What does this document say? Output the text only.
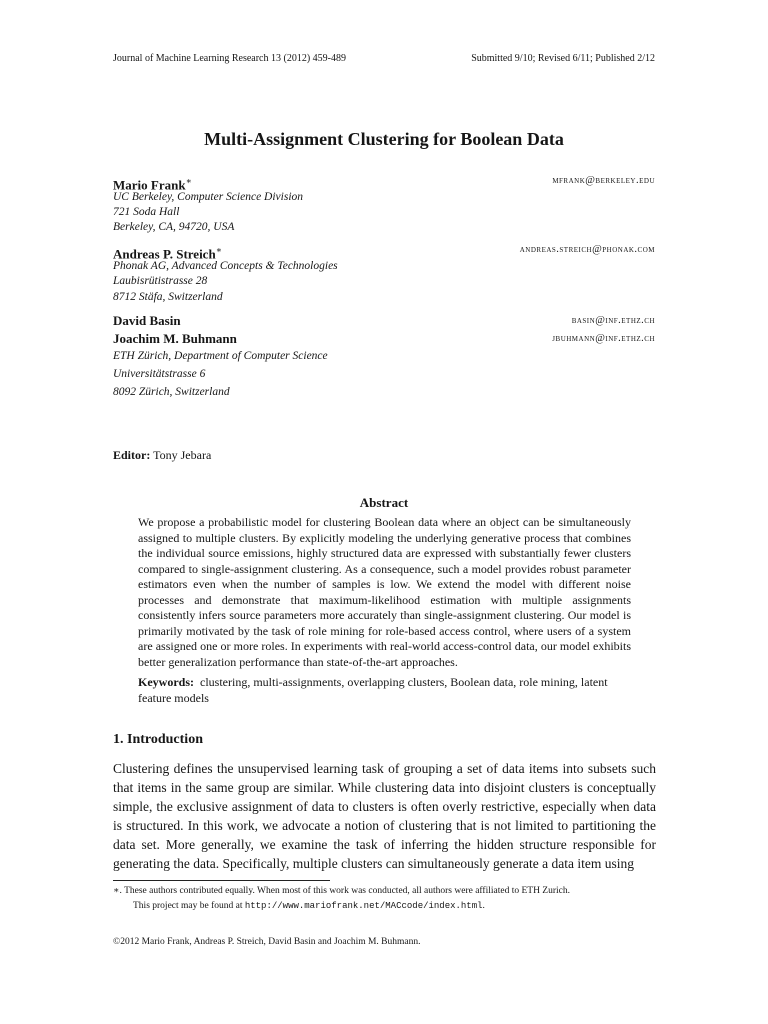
Journal of Machine Learning Research 13 (2012) 459-489	Submitted 9/10; Revised 6/11; Published 2/12
Multi-Assignment Clustering for Boolean Data
Mario Frank∗	mfrank@berkeley.edu
UC Berkeley, Computer Science Division
721 Soda Hall
Berkeley, CA, 94720, USA
Andreas P. Streich∗	andreas.streich@phonak.com
Phonak AG, Advanced Concepts & Technologies
Laubisrütistrasse 28
8712 Stäfa, Switzerland
David Basin	basin@inf.ethz.ch
Joachim M. Buhmann	jbuhmann@inf.ethz.ch
ETH Zürich, Department of Computer Science
Universitätstrasse 6
8092 Zürich, Switzerland
Editor: Tony Jebara
Abstract

We propose a probabilistic model for clustering Boolean data where an object can be simultaneously assigned to multiple clusters. By explicitly modeling the underlying generative process that combines the individual source emissions, highly structured data are expressed with substantially fewer clusters compared to single-assignment clustering. As a consequence, such a model provides robust parameter estimators even when the number of samples is low. We extend the model with different noise processes and demonstrate that maximum-likelihood estimation with multiple assignments consistently infers source parameters more accurately than single-assignment clustering. Our model is primarily motivated by the task of role mining for role-based access control, where users of a system are assigned one or more roles. In experiments with real-world access-control data, our model exhibits better generalization performance than state-of-the-art approaches.

Keywords: clustering, multi-assignments, overlapping clusters, Boolean data, role mining, latent feature models

1. Introduction

Clustering defines the unsupervised learning task of grouping a set of data items into subsets such that items in the same group are similar. While clustering data into disjoint clusters is conceptually simple, the exclusive assignment of data to clusters is often overly restrictive, especially when data is structured. In this work, we advocate a notion of clustering that is not limited to partitioning the data set. More generally, we examine the task of inferring the hidden structure responsible for generating the data. Specifically, multiple clusters can simultaneously generate a data item using

∗. These authors contributed equally. When most of this work was conducted, all authors were affiliated to ETH Zurich.
This project may be found at http://www.mariofrank.net/MACcode/index.html.
©2012 Mario Frank, Andreas P. Streich, David Basin and Joachim M. Buhmann.
